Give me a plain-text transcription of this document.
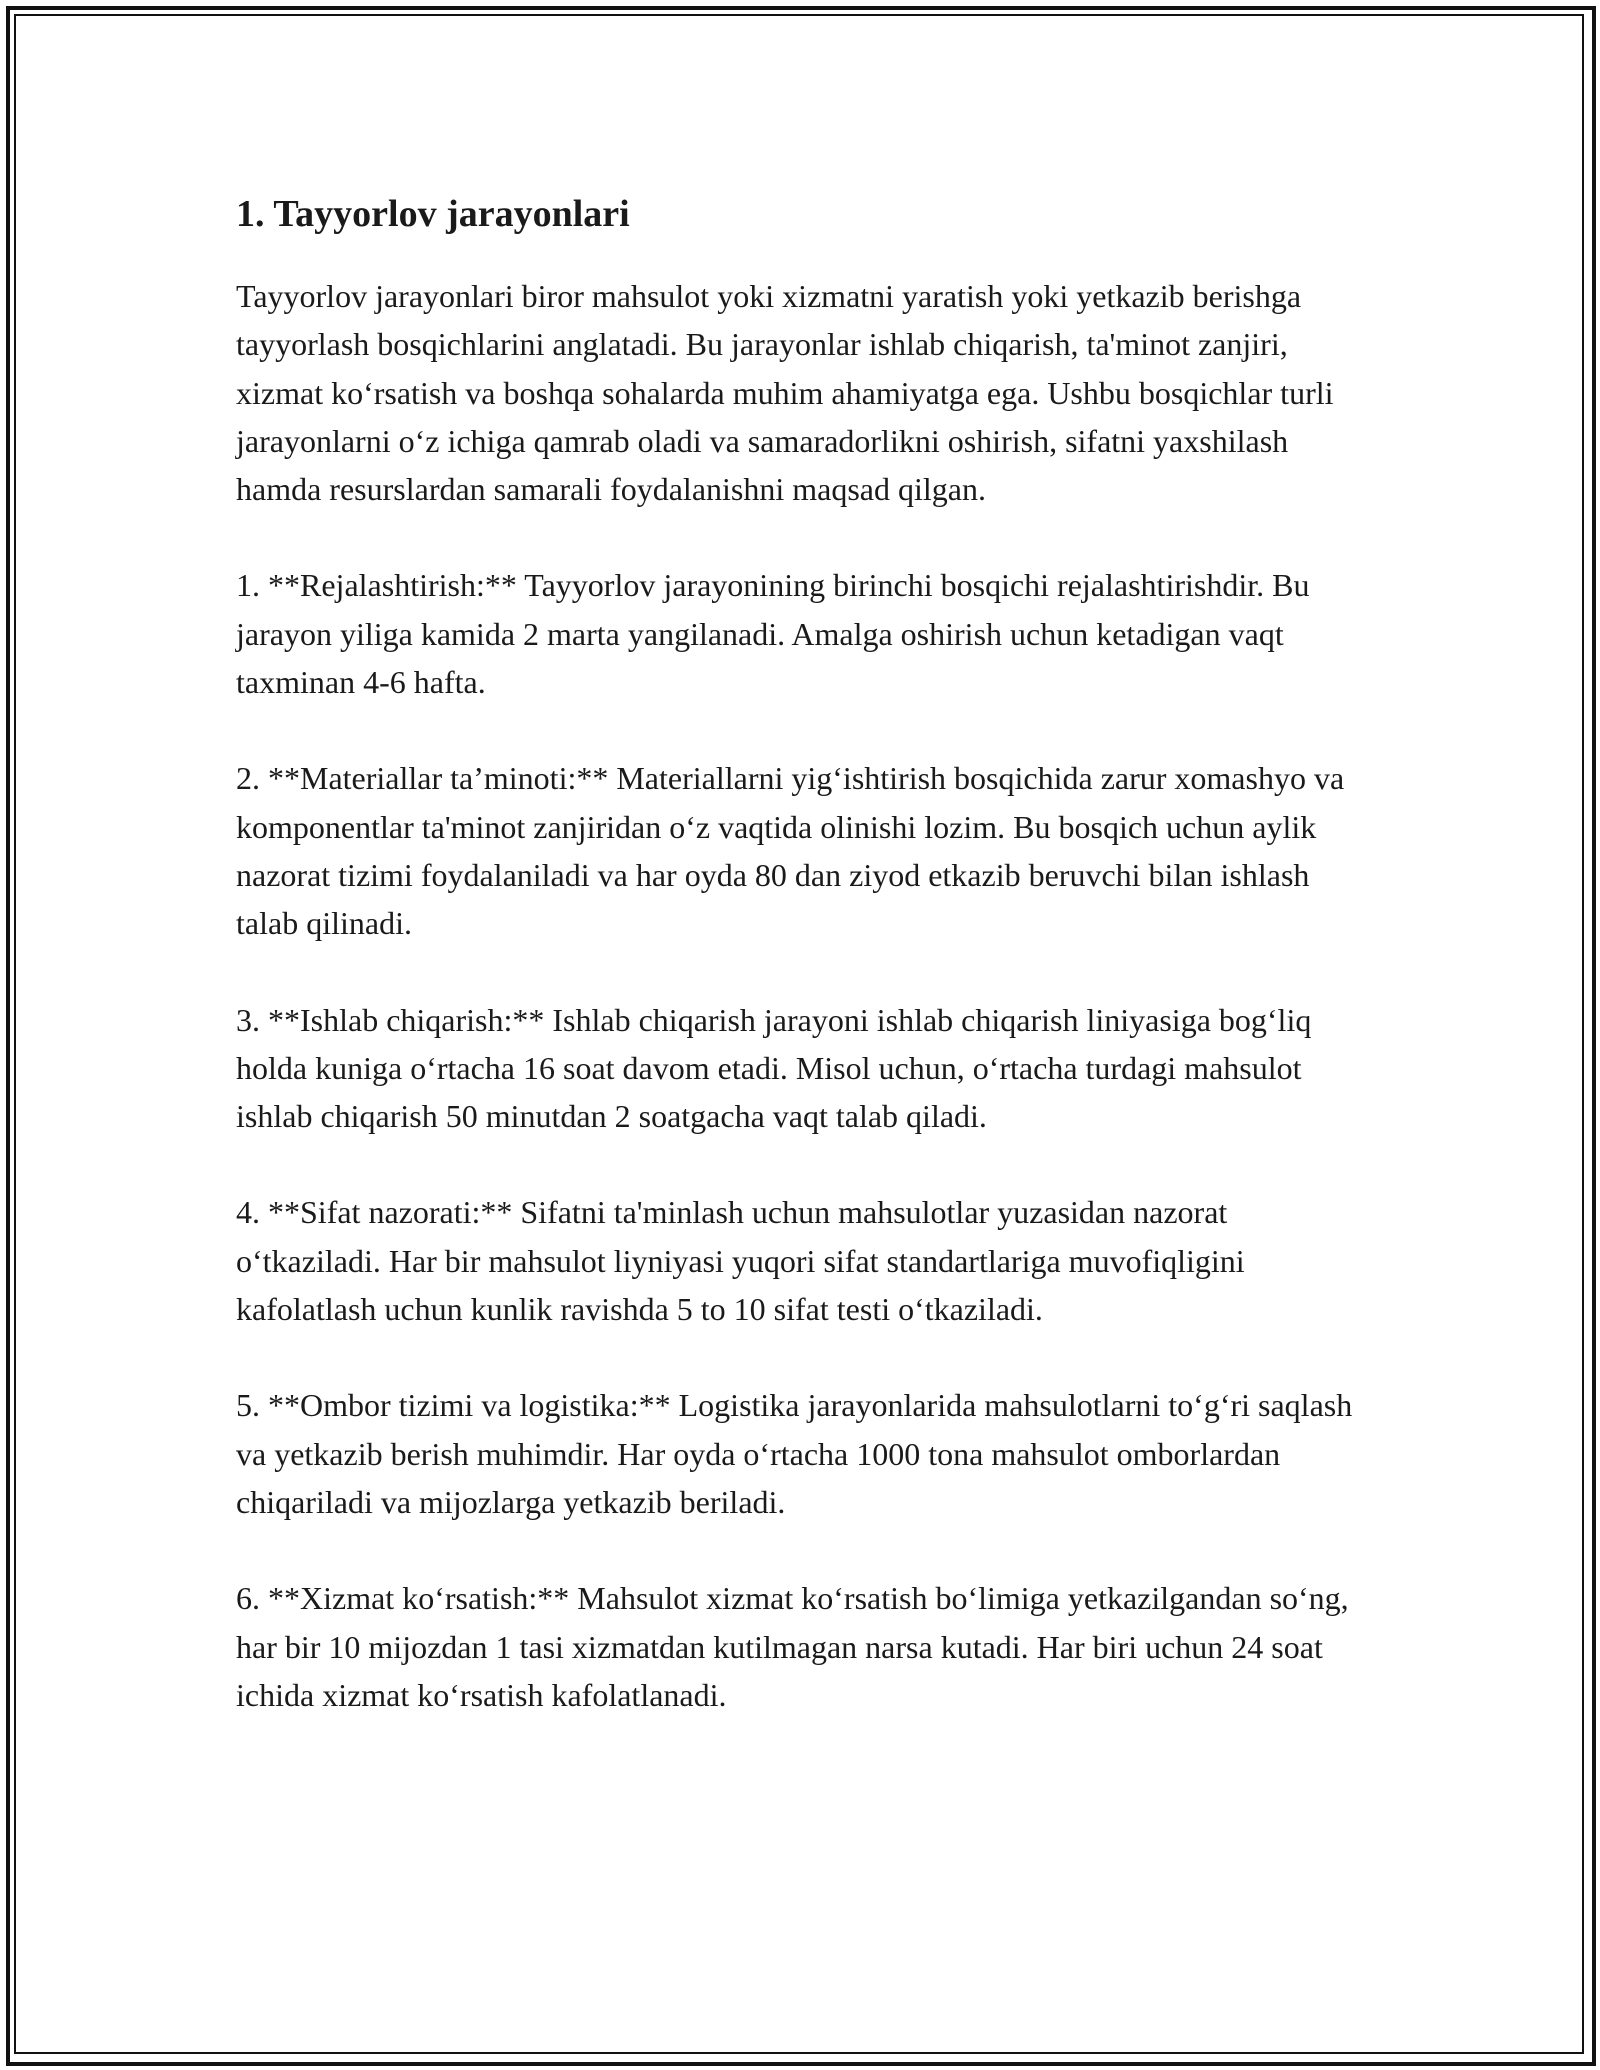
1. Tayyorlov jarayonlari

Tayyorlov jarayonlari biror mahsulot yoki xizmatni yaratish yoki yetkazib berishga tayyorlash bosqichlarini anglatadi. Bu jarayonlar ishlab chiqarish, ta'minot zanjiri, xizmat koʻrsatish va boshqa sohalarda muhim ahamiyatga ega. Ushbu bosqichlar turli jarayonlarni oʻz ichiga qamrab oladi va samaradorlikni oshirish, sifatni yaxshilash hamda resurslardan samarali foydalanishni maqsad qilgan.

1. **Rejalashtirish:** Tayyorlov jarayonining birinchi bosqichi rejalashtirishdir. Bu jarayon yiliga kamida 2 marta yangilanadi. Amalga oshirish uchun ketadigan vaqt taxminan 4-6 hafta.

2. **Materiallar ta’minoti:** Materiallarni yigʻishtirish bosqichida zarur xomashyo va komponentlar ta'minot zanjiridan oʻz vaqtida olinishi lozim. Bu bosqich uchun aylik nazorat tizimi foydalaniladi va har oyda 80 dan ziyod etkazib beruvchi bilan ishlash talab qilinadi.

3. **Ishlab chiqarish:** Ishlab chiqarish jarayoni ishlab chiqarish liniyasiga bogʻliq holda kuniga oʻrtacha 16 soat davom etadi. Misol uchun, oʻrtacha turdagi mahsulot ishlab chiqarish 50 minutdan 2 soatgacha vaqt talab qiladi.

4. **Sifat nazorati:** Sifatni ta'minlash uchun mahsulotlar yuzasidan nazorat oʻtkaziladi. Har bir mahsulot liyniyasi yuqori sifat standartlariga muvofiqligini kafolatlash uchun kunlik ravishda 5 to 10 sifat testi oʻtkaziladi.

5. **Ombor tizimi va logistika:** Logistika jarayonlarida mahsulotlarni toʻgʻri saqlash va yetkazib berish muhimdir. Har oyda oʻrtacha 1000 tona mahsulot omborlardan chiqariladi va mijozlarga yetkazib beriladi.

6. **Xizmat koʻrsatish:** Mahsulot xizmat koʻrsatish boʻlimiga yetkazilgandan soʻng, har bir 10 mijozdan 1 tasi xizmatdan kutilmagan narsa kutadi. Har biri uchun 24 soat ichida xizmat koʻrsatish kafolatlanadi.
